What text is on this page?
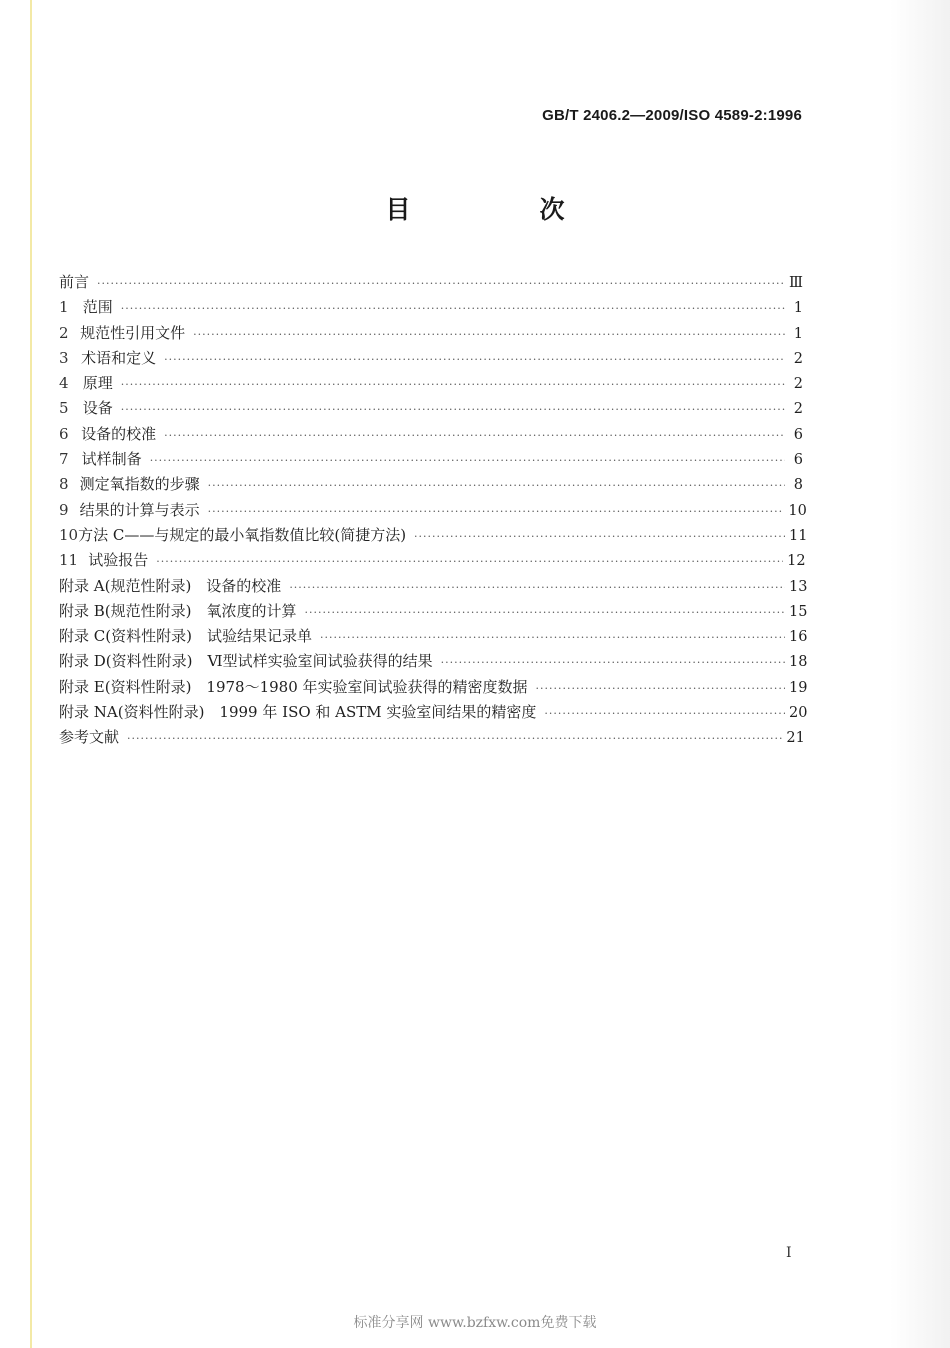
GB/T 2406.2—2009/ISO 4589-2:1996
目　次
前言 ·····	Ⅲ
1 范围 ·····	1
2 规范性引用文件 ·····	1
3 术语和定义 ·····	2
4 原理 ·····	2
5 设备 ·····	2
6 设备的校准 ·····	6
7 试样制备 ·····	6
8 测定氧指数的步骤 ·····	8
9 结果的计算与表示 ·····	10
10 方法 C——与规定的最小氧指数值比较(简捷方法) ·····	11
11 试验报告 ·····	12
附录 A(规范性附录)　设备的校准 ·····	13
附录 B(规范性附录)　氧浓度的计算 ·····	15
附录 C(资料性附录)　试验结果记录单 ·····	16
附录 D(资料性附录)　Ⅵ型试样实验室间试验获得的结果 ·····	18
附录 E(资料性附录)　1978～1980 年实验室间试验获得的精密度数据 ·····	19
附录 NA(资料性附录)　1999 年 ISO 和 ASTM 实验室间结果的精密度 ·····	20
参考文献 ·····	21
I
标准分享网 www.bzfxw.com免费下载
